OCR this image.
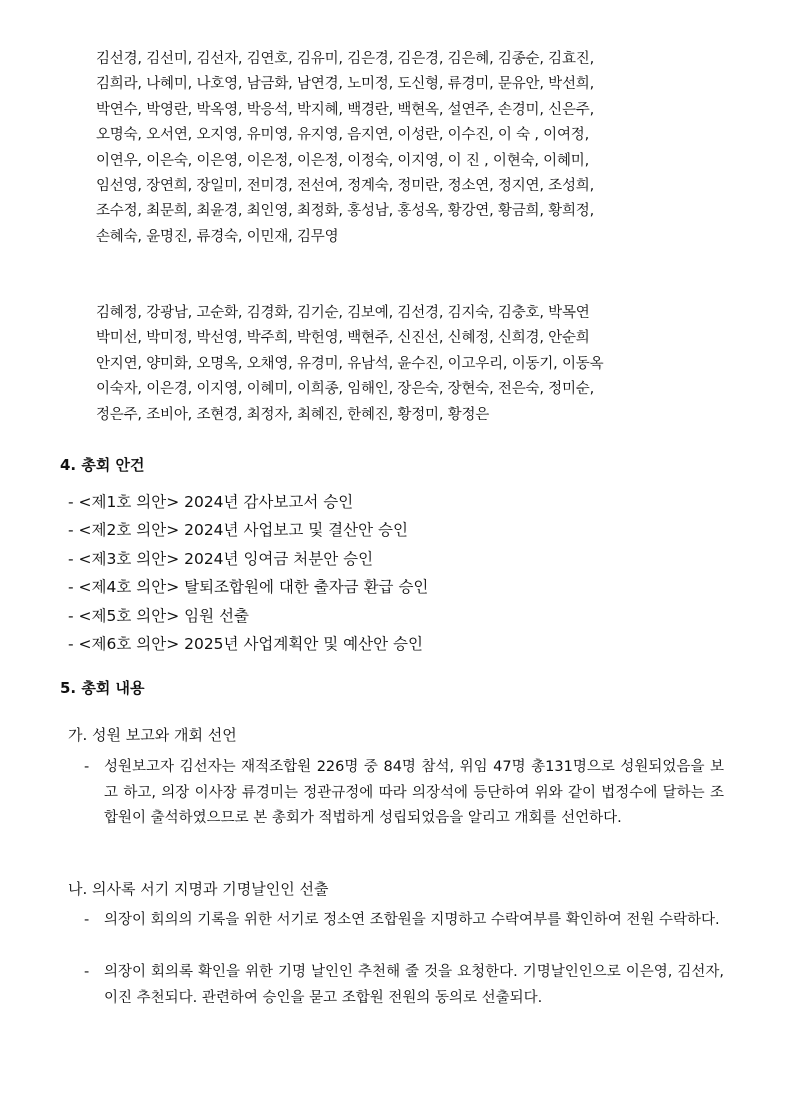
김선경, 김선미, 김선자, 김연호, 김유미, 김은경, 김은경, 김은혜, 김종순, 김효진,
김희라, 나혜미, 나호영, 남금화, 남연경, 노미정, 도신형, 류경미, 문유안, 박선희,
박연수, 박영란, 박옥영, 박응석, 박지혜, 백경란, 백현옥, 설연주, 손경미, 신은주,
오명숙, 오서연, 오지영, 유미영, 유지영, 음지연, 이성란, 이수진, 이 숙 , 이여정,
이연우, 이은숙, 이은영, 이은정, 이은정, 이정숙, 이지영, 이 진 , 이현숙, 이혜미,
임선영, 장연희, 장일미, 전미경, 전선여, 정계숙, 정미란, 정소연, 정지연, 조성희,
조수정, 최문희, 최윤경, 최인영, 최정화, 홍성남, 홍성옥, 황강연, 황금희, 황희정,
손혜숙, 윤명진, 류경숙, 이민재, 김무영
김혜정, 강광남, 고순화, 김경화, 김기순, 김보예, 김선경, 김지숙, 김충호, 박목연
박미선, 박미정, 박선영, 박주희, 박헌영, 백현주, 신진선, 신혜정, 신희경, 안순희
안지연, 양미화, 오명옥, 오채영, 유경미, 유남석, 윤수진, 이고우리, 이동기, 이동옥
이숙자, 이은경, 이지영, 이혜미, 이희종, 임해인, 장은숙, 장현숙, 전은숙, 정미순,
정은주, 조비아, 조현경, 최정자, 최혜진, 한혜진, 황정미, 황정은
4. 총회 안건
- <제1호 의안> 2024년 감사보고서 승인
- <제2호 의안> 2024년 사업보고 및 결산안 승인
- <제3호 의안> 2024년 잉여금 처분안 승인
- <제4호 의안> 탈퇴조합원에 대한 출자금 환급 승인
- <제5호 의안> 임원 선출
- <제6호 의안> 2025년 사업계획안 및 예산안 승인
5. 총회 내용
가. 성원 보고와 개회 선언
-	성원보고자 김선자는 재적조합원 226명 중 84명 참석, 위임 47명 총131명으로 성원되었음을 보고 하고, 의장 이사장 류경미는 정관규정에 따라 의장석에 등단하여 위와 같이 법정수에 달하는 조합원이 출석하였으므로 본 총회가 적법하게 성립되었음을 알리고 개회를 선언하다.
나. 의사록 서기 지명과 기명날인인 선출
-	의장이 회의의 기록을 위한 서기로 정소연 조합원을 지명하고 수락여부를 확인하여 전원 수락하다.
-	의장이 회의록 확인을 위한 기명 날인인 추천해 줄 것을 요청한다. 기명날인인으로 이은영, 김선자, 이진 추천되다. 관련하여 승인을 묻고 조합원 전원의 동의로 선출되다.
